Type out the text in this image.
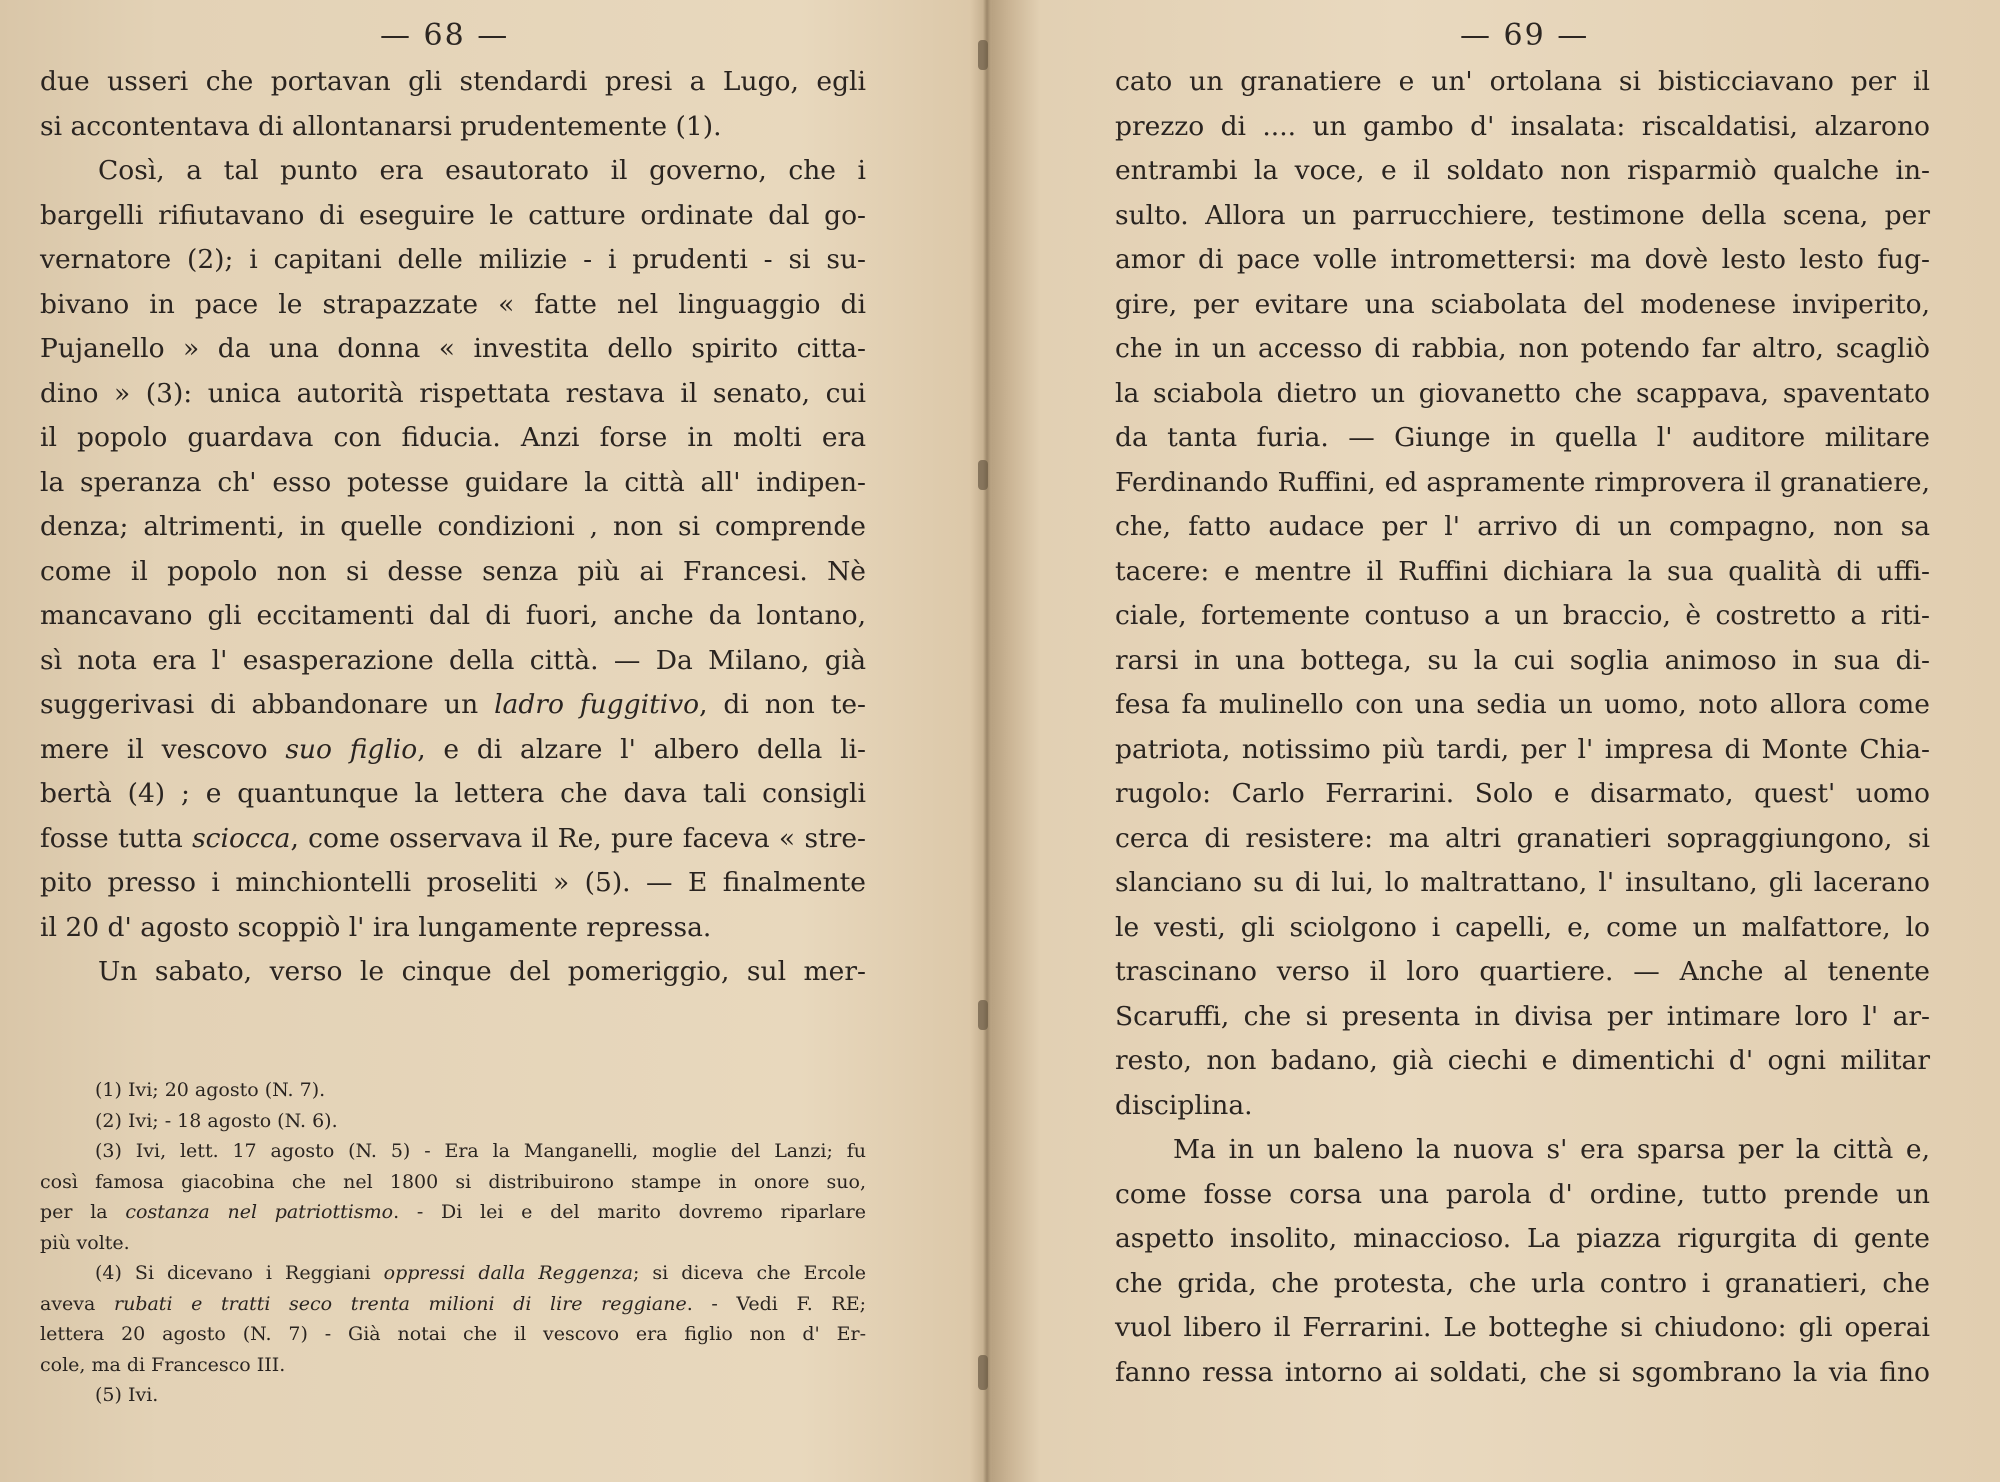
— 68 —
due usseri che portavan gli stendardi presi a Lugo, egli
si accontentava di allontanarsi prudentemente (1).
Così, a tal punto era esautorato il governo, che i
bargelli rifiutavano di eseguire le catture ordinate dal go-
vernatore (2); i capitani delle milizie - i prudenti - si su-
bivano in pace le strapazzate « fatte nel linguaggio di
Pujanello » da una donna « investita dello spirito citta-
dino » (3): unica autorità rispettata restava il senato, cui
il popolo guardava con fiducia. Anzi forse in molti era
la speranza ch' esso potesse guidare la città all' indipen-
denza; altrimenti, in quelle condizioni , non si comprende
come il popolo non si desse senza più ai Francesi. Nè
mancavano gli eccitamenti dal di fuori, anche da lontano,
sì nota era l' esasperazione della città. — Da Milano, già
suggerivasi di abbandonare un ladro fuggitivo, di non te-
mere il vescovo suo figlio, e di alzare l' albero della li-
bertà (4) ; e quantunque la lettera che dava tali consigli
fosse tutta sciocca, come osservava il Re, pure faceva « stre-
pito presso i minchiontelli proseliti » (5). — E finalmente
il 20 d' agosto scoppiò l' ira lungamente repressa.
Un sabato, verso le cinque del pomeriggio, sul mer-
(1) Ivi; 20 agosto (N. 7).
(2) Ivi; - 18 agosto (N. 6).
(3) Ivi, lett. 17 agosto (N. 5) - Era la Manganelli, moglie del Lanzi; fu
così famosa giacobina che nel 1800 si distribuirono stampe in onore suo,
per la costanza nel patriottismo. - Di lei e del marito dovremo riparlare
più volte.
(4) Si dicevano i Reggiani oppressi dalla Reggenza; si diceva che Ercole
aveva rubati e tratti seco trenta milioni di lire reggiane. - Vedi F. RE;
lettera 20 agosto (N. 7) - Già notai che il vescovo era figlio non d' Er-
cole, ma di Francesco III.
(5) Ivi.
— 69 —
cato un granatiere e un' ortolana si bisticciavano per il
prezzo di .... un gambo d' insalata: riscaldatisi, alzarono
entrambi la voce, e il soldato non risparmiò qualche in-
sulto. Allora un parrucchiere, testimone della scena, per
amor di pace volle intromettersi: ma dovè lesto lesto fug-
gire, per evitare una sciabolata del modenese inviperito,
che in un accesso di rabbia, non potendo far altro, scagliò
la sciabola dietro un giovanetto che scappava, spaventato
da tanta furia. — Giunge in quella l' auditore militare
Ferdinando Ruffini, ed aspramente rimprovera il granatiere,
che, fatto audace per l' arrivo di un compagno, non sa
tacere: e mentre il Ruffini dichiara la sua qualità di uffi-
ciale, fortemente contuso a un braccio, è costretto a riti-
rarsi in una bottega, su la cui soglia animoso in sua di-
fesa fa mulinello con una sedia un uomo, noto allora come
patriota, notissimo più tardi, per l' impresa di Monte Chia-
rugolo: Carlo Ferrarini. Solo e disarmato, quest' uomo
cerca di resistere: ma altri granatieri sopraggiungono, si
slanciano su di lui, lo maltrattano, l' insultano, gli lacerano
le vesti, gli sciolgono i capelli, e, come un malfattore, lo
trascinano verso il loro quartiere. — Anche al tenente
Scaruffi, che si presenta in divisa per intimare loro l' ar-
resto, non badano, già ciechi e dimentichi d' ogni militar
disciplina.
Ma in un baleno la nuova s' era sparsa per la città e,
come fosse corsa una parola d' ordine, tutto prende un
aspetto insolito, minaccioso. La piazza rigurgita di gente
che grida, che protesta, che urla contro i granatieri, che
vuol libero il Ferrarini. Le botteghe si chiudono: gli operai
fanno ressa intorno ai soldati, che si sgombrano la via fino
